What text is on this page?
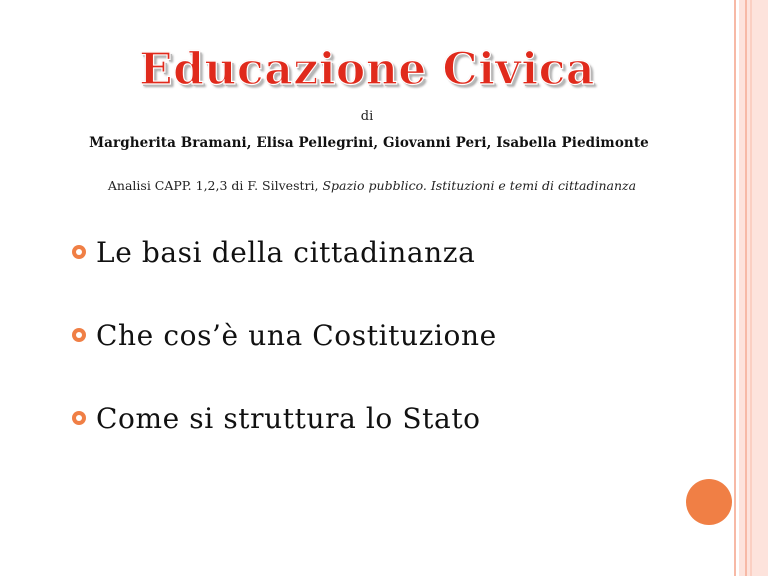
Educazione Civica
di
Margherita Bramani, Elisa Pellegrini, Giovanni Peri, Isabella Piedimonte
Analisi CAPP. 1,2,3 di F. Silvestri, Spazio pubblico. Istituzioni e temi di cittadinanza
Le basi della cittadinanza
Che cos’è una Costituzione
Come si struttura lo Stato
